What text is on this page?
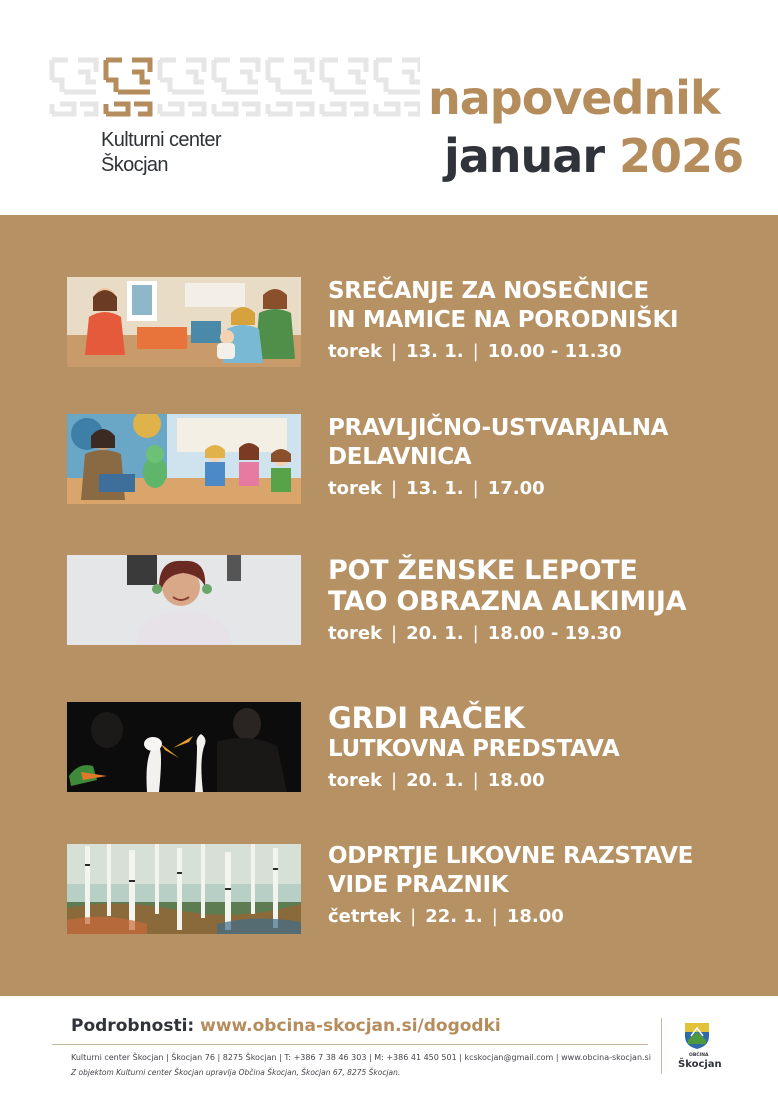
Kulturni center
Škocjan
napovednik
januar 2026
SREČANJE ZA NOSEČNICE
IN MAMICE NA PORODNIŠKI
torek | 13. 1. | 10.00 - 11.30
PRAVLJIČNO-USTVARJALNA
DELAVNICA
torek | 13. 1. | 17.00
POT ŽENSKE LEPOTE
TAO OBRAZNA ALKIMIJA
torek | 20. 1. | 18.00 - 19.30
GRDI RAČEK
LUTKOVNA PREDSTAVA
torek | 20. 1. | 18.00
ODPRTJE LIKOVNE RAZSTAVE
VIDE PRAZNIK
četrtek | 22. 1. | 18.00
Podrobnosti: www.obcina-skocjan.si/dogodki
Kulturni center Škocjan | Škocjan 76 | 8275 Škocjan | T: +386 7 38 46 303 | M: +386 41 450 501 | kcskocjan@gmail.com | www.obcina-skocjan.si
Z objektom Kulturni center Škocjan upravlja Občina Škocjan, Škocjan 67, 8275 Škocjan.
OBČINA
Škocjan
